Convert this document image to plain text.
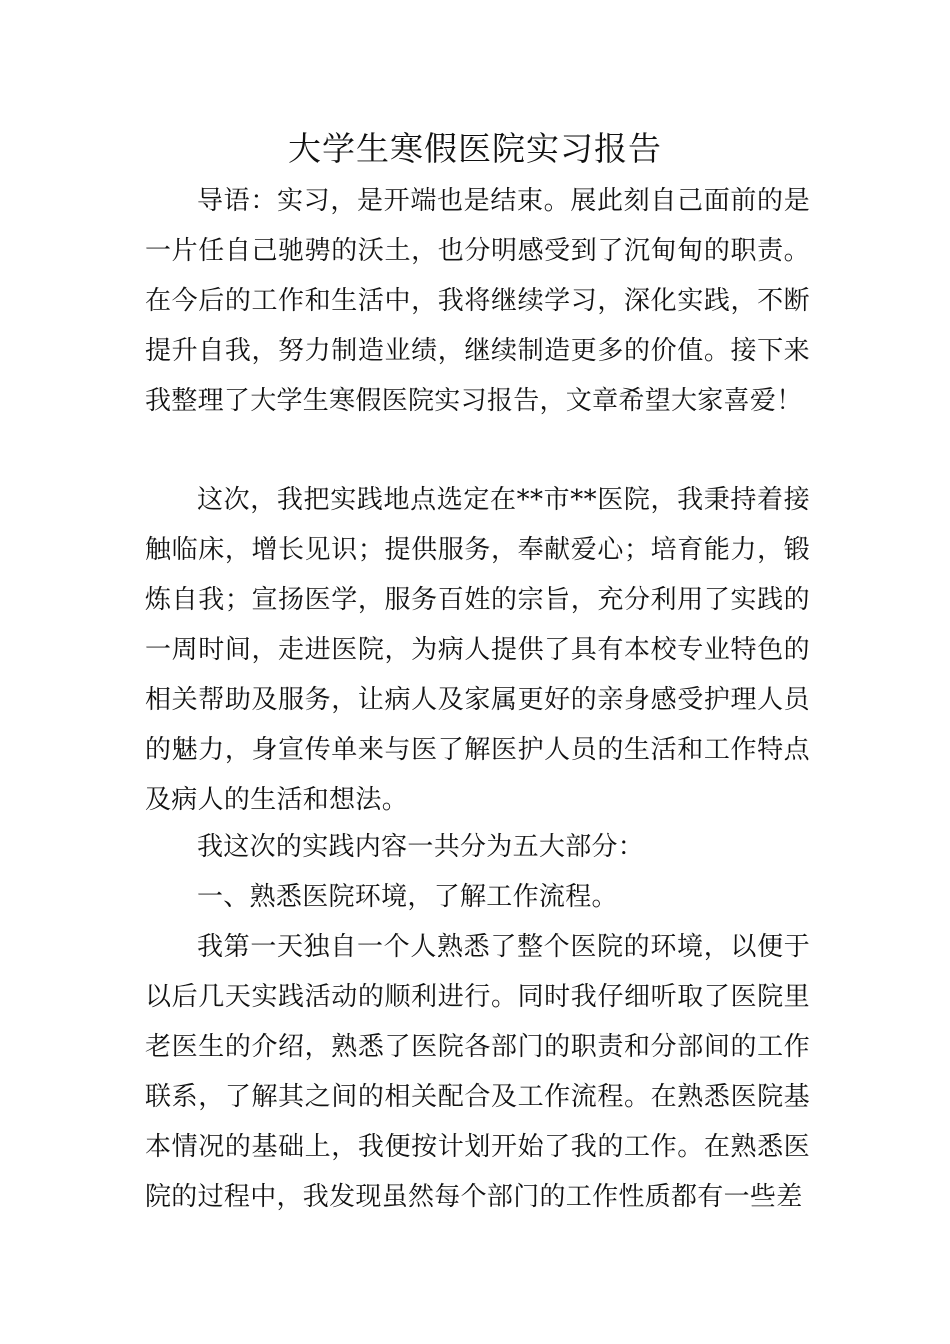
大学生寒假医院实习报告

导语：实习，是开端也是结束。展此刻自己面前的是一片任自己驰骋的沃土，也分明感受到了沉甸甸的职责。在今后的工作和生活中，我将继续学习，深化实践，不断提升自我，努力制造业绩，继续制造更多的价值。接下来我整理了大学生寒假医院实习报告，文章希望大家喜爱！

这次，我把实践地点选定在**市**医院，我秉持着接触临床，增长见识；提供服务，奉献爱心；培育能力，锻炼自我；宣扬医学，服务百姓的宗旨，充分利用了实践的一周时间，走进医院，为病人提供了具有本校专业特色的相关帮助及服务，让病人及家属更好的亲身感受护理人员的魅力，身宣传单来与医了解医护人员的生活和工作特点及病人的生活和想法。

我这次的实践内容一共分为五大部分：

一、熟悉医院环境，了解工作流程。

我第一天独自一个人熟悉了整个医院的环境，以便于以后几天实践活动的顺利进行。同时我仔细听取了医院里老医生的介绍，熟悉了医院各部门的职责和分部间的工作联系，了解其之间的相关配合及工作流程。在熟悉医院基本情况的基础上，我便按计划开始了我的工作。在熟悉医院的过程中，我发现虽然每个部门的工作性质都有一些差
